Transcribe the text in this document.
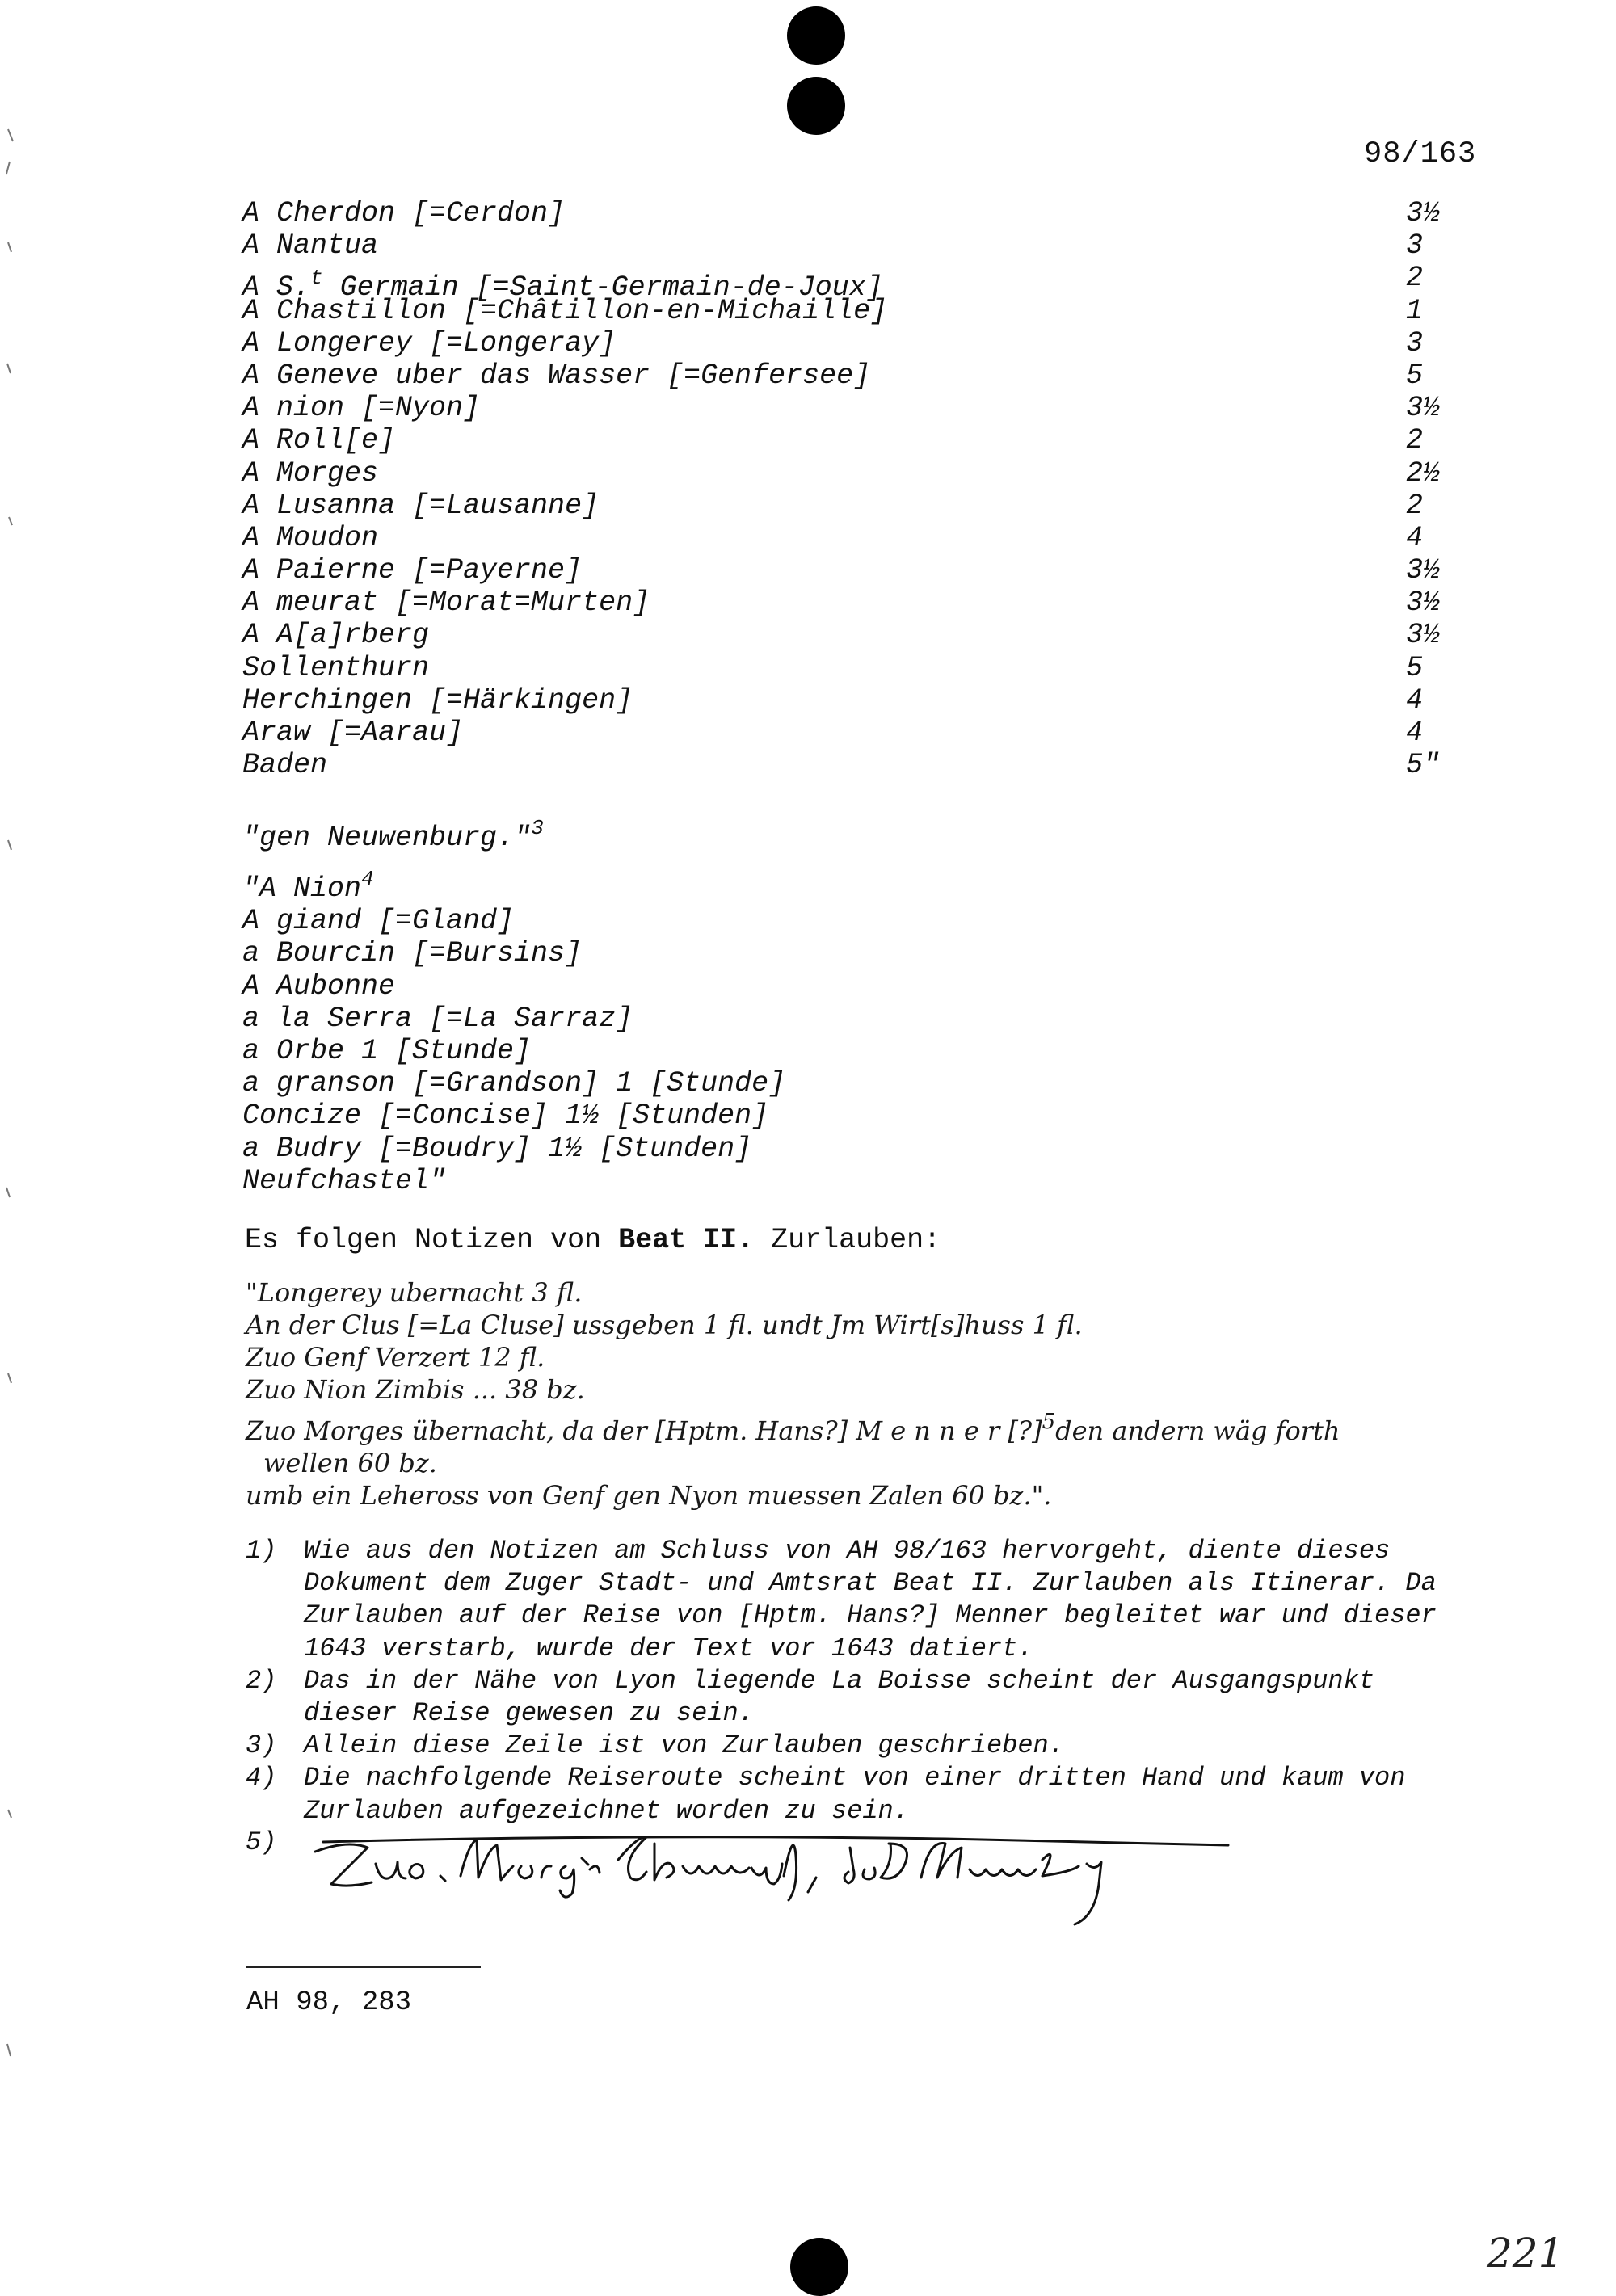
98/163
A Cherdon [=Cerdon]	3½
A Nantua	3
A S.$^t$ Germain [=Saint-Germain-de-Joux]	2
A Chastillon [=Châtillon-en-Michaille]	1
A Longerey [=Longeray]	3
A Geneve uber das Wasser [=Genfersee]	5
A nion [=Nyon]	3½
A Roll[e]	2
A Morges	2½
A Lusanna [=Lausanne]	2
A Moudon	4
A Paierne [=Payerne]	3½
A meurat [=Morat=Murten]	3½
A A[a]rberg	3½
Sollenthurn	5
Herchingen [=Härkingen]	4
Araw [=Aarau]	4
Baden	5"
"gen Neuwenburg."$^3$
"A Nion$^4$
A giand [=Gland]
a Bourcin [=Bursins]
A Aubonne
a la Serra [=La Sarraz]
a Orbe 1 [Stunde]
a granson [=Grandson] 1 [Stunde]
Concize [=Concise] 1½ [Stunden]
a Budry [=Boudry] 1½ [Stunden]
Neufchastel"
Es folgen Notizen von Beat II. Zurlauben:
"Longerey ubernacht 3 fl.
An der Clus [=La Cluse] ussgeben 1 fl. undt Jm Wirt[s]huss 1 fl.
Zuo Genf Verzert 12 fl.
Zuo Nion Zimbis ... 38 bz.
Zuo Morges übernacht, da der [Hptm. Hans?] M e n n e r [?]$^5$den andern wäg forth
wellen 60 bz.
umb ein Leheross von Genf gen Nyon muessen Zalen 60 bz.".
1) Wie aus den Notizen am Schluss von AH 98/163 hervorgeht, diente dieses Dokument dem Zuger Stadt- und Amtsrat Beat II. Zurlauben als Itinerar. Da Zurlauben auf der Reise von [Hptm. Hans?] Menner begleitet war und dieser 1643 verstarb, wurde der Text vor 1643 datiert.
2) Das in der Nähe von Lyon liegende La Boisse scheint der Ausgangspunkt dieser Reise gewesen zu sein.
3) Allein diese Zeile ist von Zurlauben geschrieben.
4) Die nachfolgende Reiseroute scheint von einer dritten Hand und kaum von Zurlauben aufgezeichnet worden zu sein.
5)
AH 98, 283
221
